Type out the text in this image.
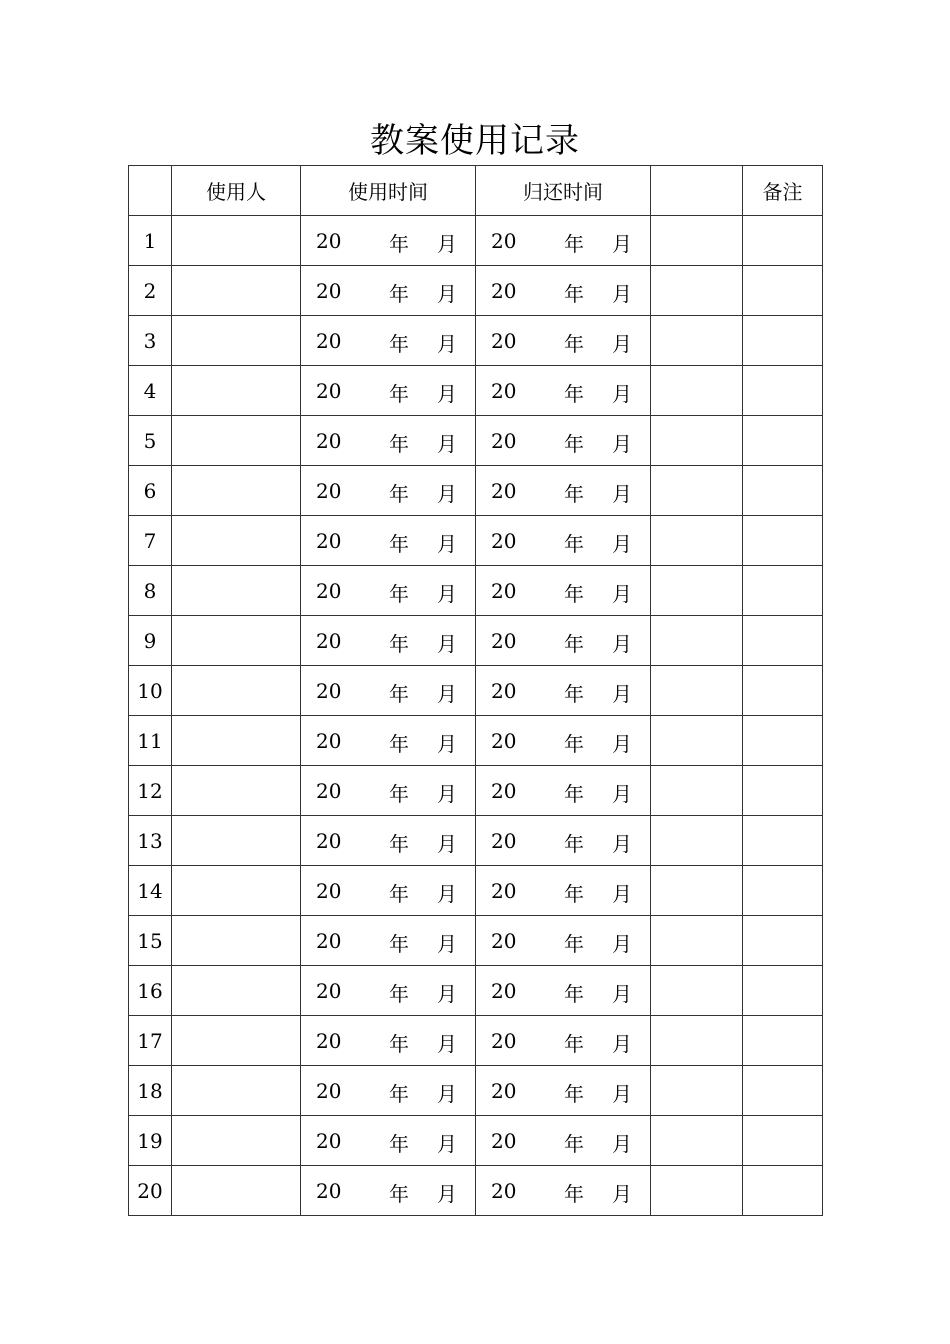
教案使用记录
	使用人	使用时间	归还时间		备注
1		20 年 月	20 年 月		

2		20 年 月	20 年 月		

3		20 年 月	20 年 月		

4		20 年 月	20 年 月		

5		20 年 月	20 年 月		

6		20 年 月	20 年 月		

7		20 年 月	20 年 月		

8		20 年 月	20 年 月		

9		20 年 月	20 年 月		

10		20 年 月	20 年 月		

11		20 年 月	20 年 月		

12		20 年 月	20 年 月		

13		20 年 月	20 年 月		

14		20 年 月	20 年 月		

15		20 年 月	20 年 月		

16		20 年 月	20 年 月		

17		20 年 月	20 年 月		

18		20 年 月	20 年 月		

19		20 年 月	20 年 月		

20		20 年 月	20 年 月		
